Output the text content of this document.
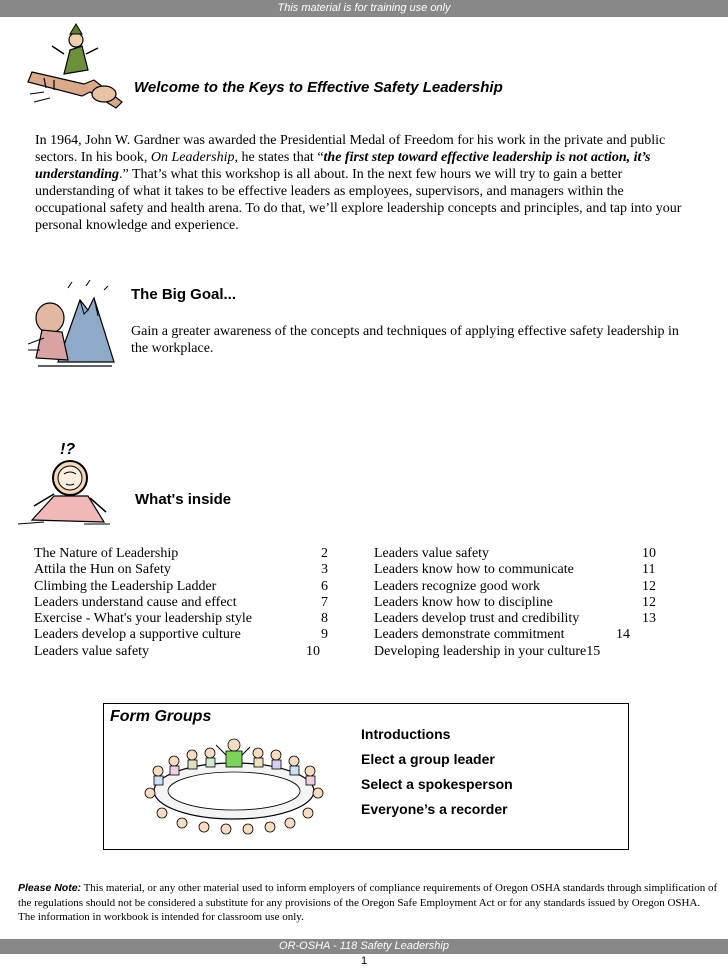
This material is for training use only
Welcome to the Keys to Effective Safety Leadership
In 1964, John W. Gardner was awarded the Presidential Medal of Freedom for his work in the private and public sectors. In his book, On Leadership, he states that “the first step toward effective leadership is not action, it’s understanding.” That’s what this workshop is all about. In the next few hours we will try to gain a better understanding of what it takes to be effective leaders as employees, supervisors, and managers within the occupational safety and health arena. To do that, we’ll explore leadership concepts and principles, and tap into your personal knowledge and experience.
The Big Goal...
Gain a greater awareness of the concepts and techniques of applying effective safety leadership in the workplace.
!?
What's inside
The Nature of Leadership	2
Attila the Hun on Safety	3
Climbing the Leadership Ladder	6
Leaders understand cause and effect	7
Exercise - What's your leadership style	8
Leaders develop a supportive culture	9
Leaders value safety	10
Leaders value safety	10
Leaders know how to communicate	11
Leaders recognize good work	12
Leaders know how to discipline	12
Leaders develop trust and credibility	13
Leaders demonstrate commitment	14
Developing leadership in your culture 15
Form Groups
Introductions
Elect a group leader
Select a spokesperson
Everyone’s a recorder
Please Note: This material, or any other material used to inform employers of compliance requirements of Oregon OSHA standards through simplification of the regulations should not be considered a substitute for any provisions of the Oregon Safe Employment Act or for any standards issued by Oregon OSHA. The information in workbook is intended for classroom use only.
OR-OSHA - 118 Safety Leadership
1
